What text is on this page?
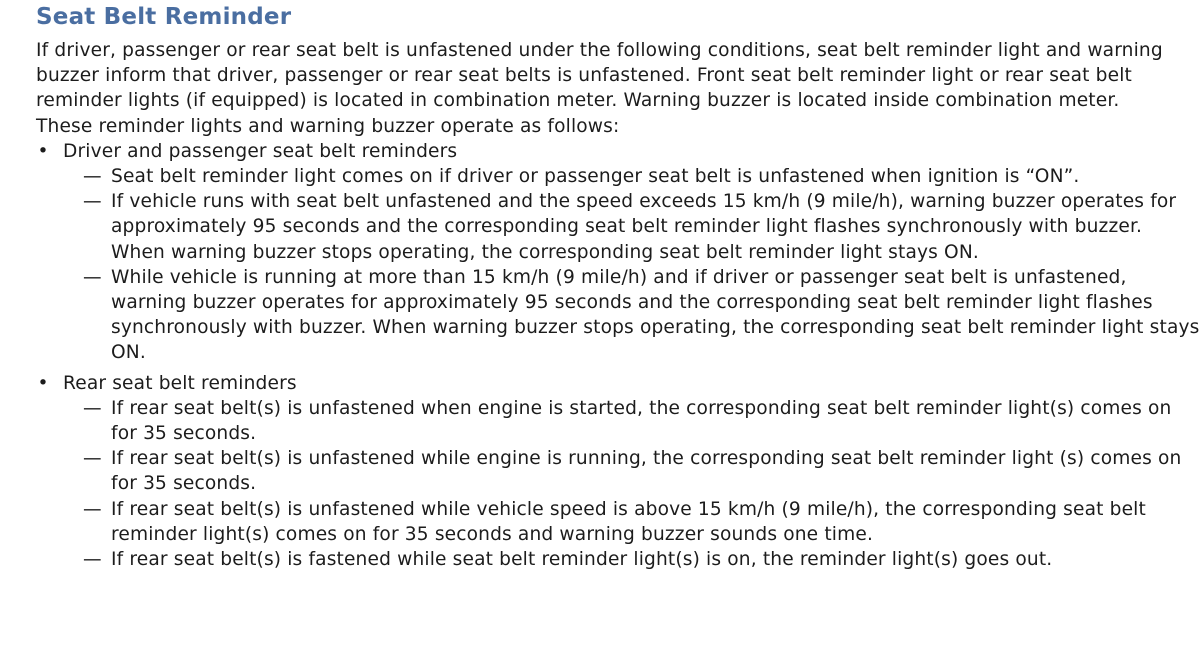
Seat Belt Reminder

If driver, passenger or rear seat belt is unfastened under the following conditions, seat belt reminder light and warning buzzer inform that driver, passenger or rear seat belts is unfastened. Front seat belt reminder light or rear seat belt reminder lights (if equipped) is located in combination meter. Warning buzzer is located inside combination meter.

These reminder lights and warning buzzer operate as follows:

• Driver and passenger seat belt reminders
— Seat belt reminder light comes on if driver or passenger seat belt is unfastened when ignition is “ON”.
— If vehicle runs with seat belt unfastened and the speed exceeds 15 km/h (9 mile/h), warning buzzer operates for approximately 95 seconds and the corresponding seat belt reminder light flashes synchronously with buzzer. When warning buzzer stops operating, the corresponding seat belt reminder light stays ON.
— While vehicle is running at more than 15 km/h (9 mile/h) and if driver or passenger seat belt is unfastened, warning buzzer operates for approximately 95 seconds and the corresponding seat belt reminder light flashes synchronously with buzzer. When warning buzzer stops operating, the corresponding seat belt reminder light stays ON.
• Rear seat belt reminders
— If rear seat belt(s) is unfastened when engine is started, the corresponding seat belt reminder light(s) comes on for 35 seconds.
— If rear seat belt(s) is unfastened while engine is running, the corresponding seat belt reminder light (s) comes on for 35 seconds.
— If rear seat belt(s) is unfastened while vehicle speed is above 15 km/h (9 mile/h), the corresponding seat belt reminder light(s) comes on for 35 seconds and warning buzzer sounds one time.
— If rear seat belt(s) is fastened while seat belt reminder light(s) is on, the reminder light(s) goes out.
